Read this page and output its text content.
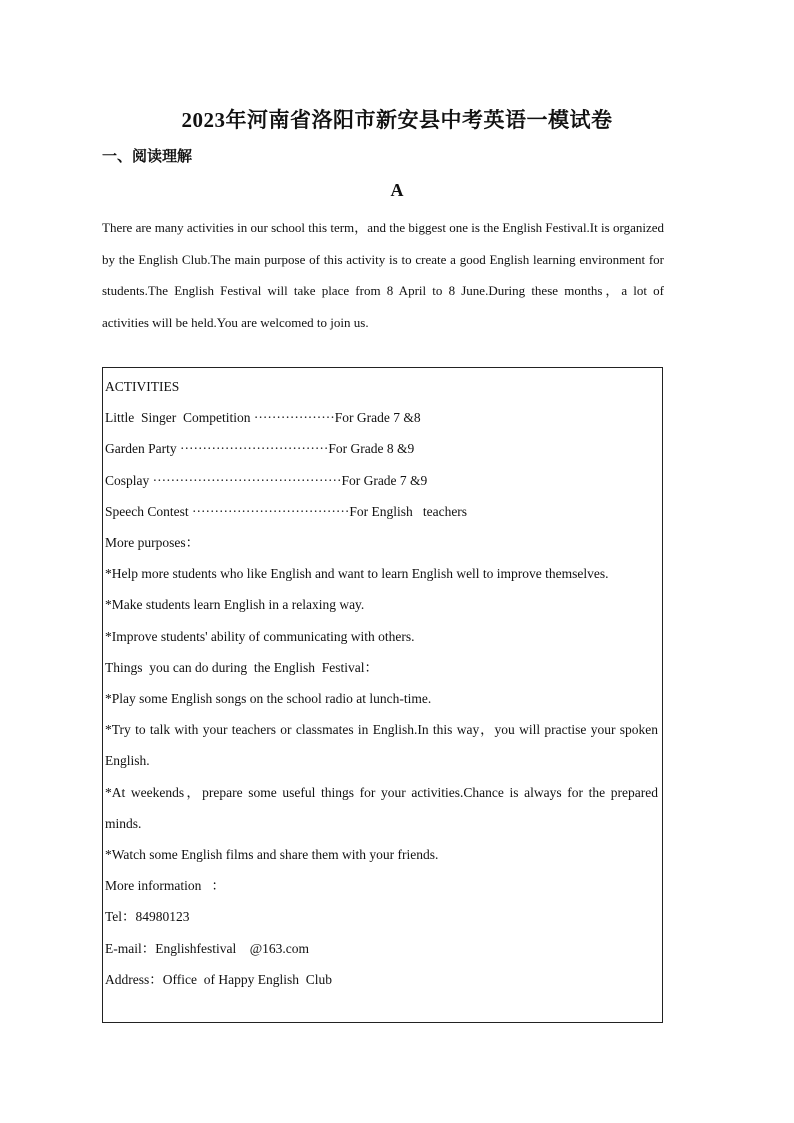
2023年河南省洛阳市新安县中考英语一模试卷
一、阅读理解
A
There are many activities in our school this term，and the biggest one is the English Festival.It is organized by the English Club.The main purpose of this activity is to create a good English learning environment for students.The English Festival will take place from 8 April to 8 June.During these months，a lot of activities will be held.You are welcomed to join us.
ACTIVITIES
Little  Singer  Competition ··················For Grade 7 &8
Garden Party ·································For Grade 8 &9
Cosplay ··········································For Grade 7 &9
Speech Contest ···································For English   teachers
More purposes：
*Help more students who like English and want to learn English well to improve themselves.
*Make students learn English in a relaxing way.
*Improve students' ability of communicating with others.
Things  you can do during  the English  Festival：
*Play some English songs on the school radio at lunch-time.
*Try to talk with your teachers or classmates in English.In this way，you will practise your spoken English.
*At weekends，prepare some useful things for your activities.Chance is always for the prepared minds.
*Watch some English films and share them with your friends.
More information   ：
Tel：84980123
E-mail：Englishfestival    @163.com
Address：Office  of Happy English  Club
